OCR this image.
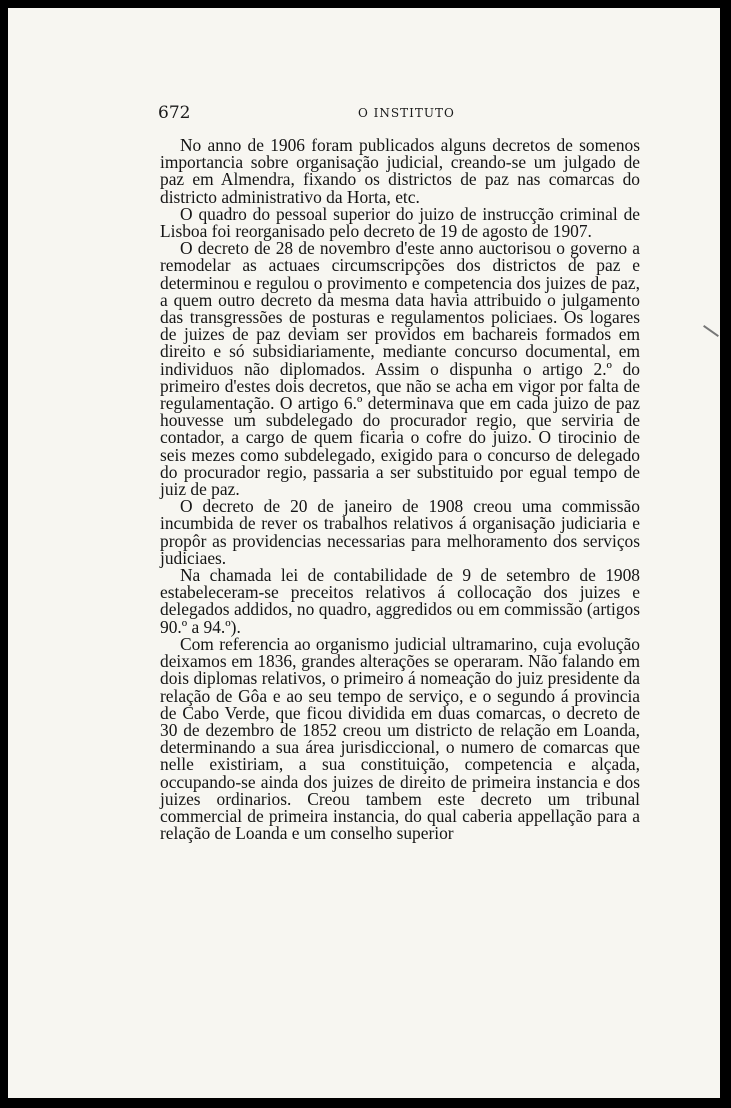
672	O INSTITUTO

No anno de 1906 foram publicados alguns decretos de somenos importancia sobre organisação judicial, creando-se um julgado de paz em Almendra, fixando os districtos de paz nas comarcas do districto administrativo da Horta, etc.

O quadro do pessoal superior do juizo de instrucção criminal de Lisboa foi reorganisado pelo decreto de 19 de agosto de 1907.

O decreto de 28 de novembro d'este anno auctorisou o governo a remodelar as actuaes circumscripções dos districtos de paz e determinou e regulou o provimento e competencia dos juizes de paz, a quem outro decreto da mesma data havia attribuido o julgamento das transgressões de posturas e regulamentos policiaes. Os logares de juizes de paz deviam ser providos em bachareis formados em direito e só subsidiariamente, mediante concurso documental, em individuos não diplomados. Assim o dispunha o artigo 2.º do primeiro d'estes dois decretos, que não se acha em vigor por falta de regulamentação. O artigo 6.º determinava que em cada juizo de paz houvesse um subdelegado do procurador regio, que serviria de contador, a cargo de quem ficaria o cofre do juizo. O tirocinio de seis mezes como subdelegado, exigido para o concurso de delegado do procurador regio, passaria a ser substituido por egual tempo de juiz de paz.

O decreto de 20 de janeiro de 1908 creou uma commissão incumbida de rever os trabalhos relativos á organisação judiciaria e propôr as providencias necessarias para melhoramento dos serviços judiciaes.

Na chamada lei de contabilidade de 9 de setembro de 1908 estabeleceram-se preceitos relativos á collocação dos juizes e delegados addidos, no quadro, aggredidos ou em commissão (artigos 90.º a 94.º).

Com referencia ao organismo judicial ultramarino, cuja evolução deixamos em 1836, grandes alterações se operaram. Não falando em dois diplomas relativos, o primeiro á nomeação do juiz presidente da relação de Gôa e ao seu tempo de serviço, e o segundo á provincia de Cabo Verde, que ficou dividida em duas comarcas, o decreto de 30 de dezembro de 1852 creou um districto de relação em Loanda, determinando a sua área jurisdiccional, o numero de comarcas que nelle existiriam, a sua constituição, competencia e alçada, occupando-se ainda dos juizes de direito de primeira instancia e dos juizes ordinarios. Creou tambem este decreto um tribunal commercial de primeira instancia, do qual caberia appellação para a relação de Loanda e um conselho superior
